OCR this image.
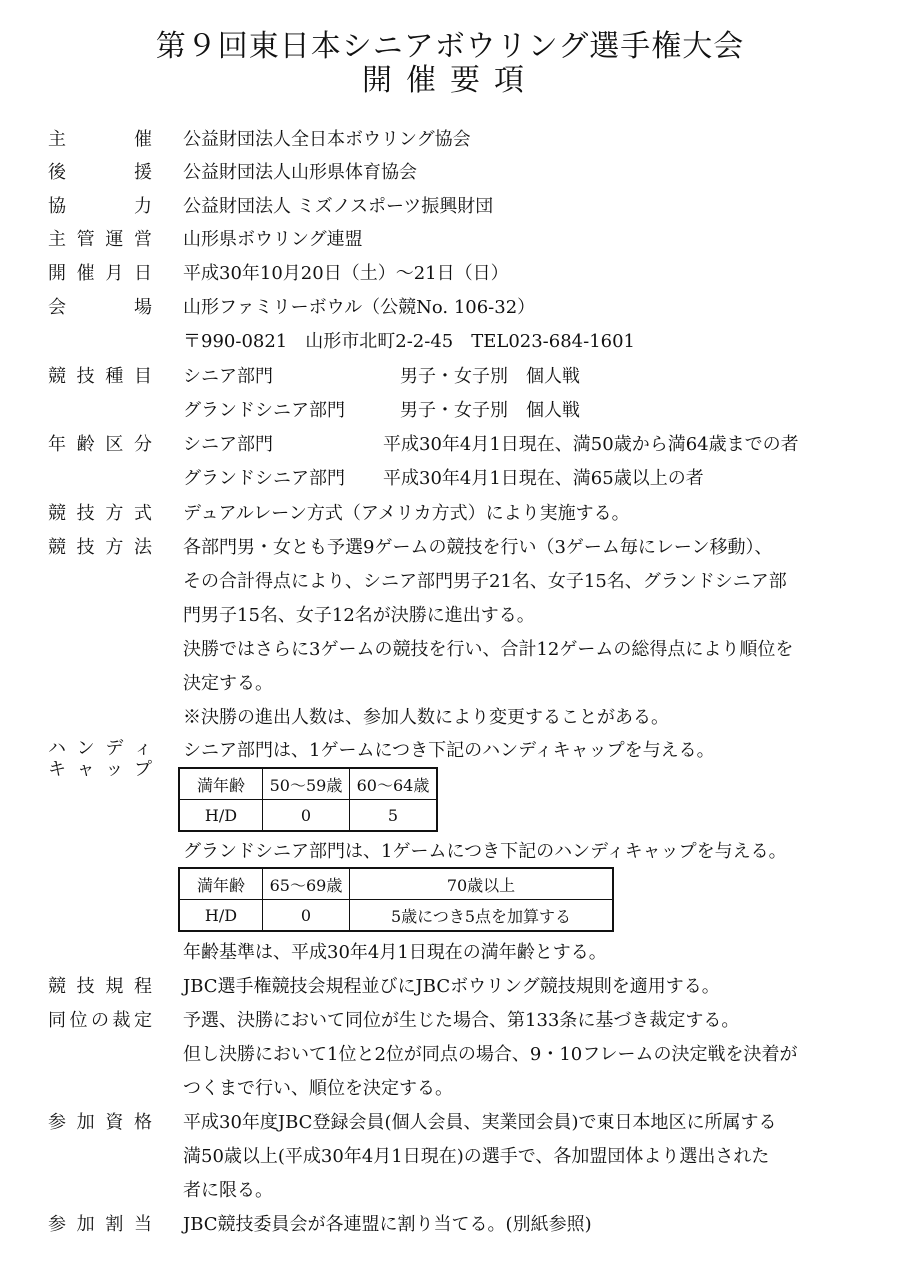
第９回東日本シニアボウリング選手権大会
開催要項
主	催 公益財団法人全日本ボウリング協会
後	援 公益財団法人山形県体育協会
協	力 公益財団法人 ミズノスポーツ振興財団
主 管 運 営 山形県ボウリング連盟
開 催 月 日 平成30年10月20日（土）～21日（日）
会	場 山形ファミリーボウル（公競No. 106-32）
〒990-0821　山形市北町2-2-45　TEL023-684-1601
競 技 種 目 シニア部門	男子・女子別　個人戦
グランドシニア部門	男子・女子別　個人戦
年 齢 区 分 シニア部門	平成30年4月1日現在、満50歳から満64歳までの者
グランドシニア部門 平成30年4月1日現在、満65歳以上の者
競 技 方 式 デュアルレーン方式（アメリカ方式）により実施する。
競 技 方 法 各部門男・女とも予選9ゲームの競技を行い（3ゲーム毎にレーン移動）、
その合計得点により、シニア部門男子21名、女子15名、グランドシニア部
門男子15名、女子12名が決勝に進出する。
決勝ではさらに3ゲームの競技を行い、合計12ゲームの総得点により順位を
決定する。
※決勝の進出人数は、参加人数により変更することがある。
ハ ン デ ィ
キ ャ ッ プ
シニア部門は、1ゲームにつき下記のハンディキャップを与える。
満年齢	50～59歳	60～64歳
H/D	0	5
グランドシニア部門は、1ゲームにつき下記のハンディキャップを与える。
満年齢	65～69歳	70歳以上
H/D	0	5歳につき5点を加算する
年齢基準は、平成30年4月1日現在の満年齢とする。
競 技 規 程 JBC選手権競技会規程並びにJBCボウリング競技規則を適用する。
同 位 の 裁 定 予選、決勝において同位が生じた場合、第133条に基づき裁定する。
但し決勝において1位と2位が同点の場合、9・10フレームの決定戦を決着が
つくまで行い、順位を決定する。
参 加 資 格 平成30年度JBC登録会員(個人会員、実業団会員)で東日本地区に所属する
満50歳以上(平成30年4月1日現在)の選手で、各加盟団体より選出された
者に限る。
参 加 割 当 JBC競技委員会が各連盟に割り当てる。(別紙参照)
